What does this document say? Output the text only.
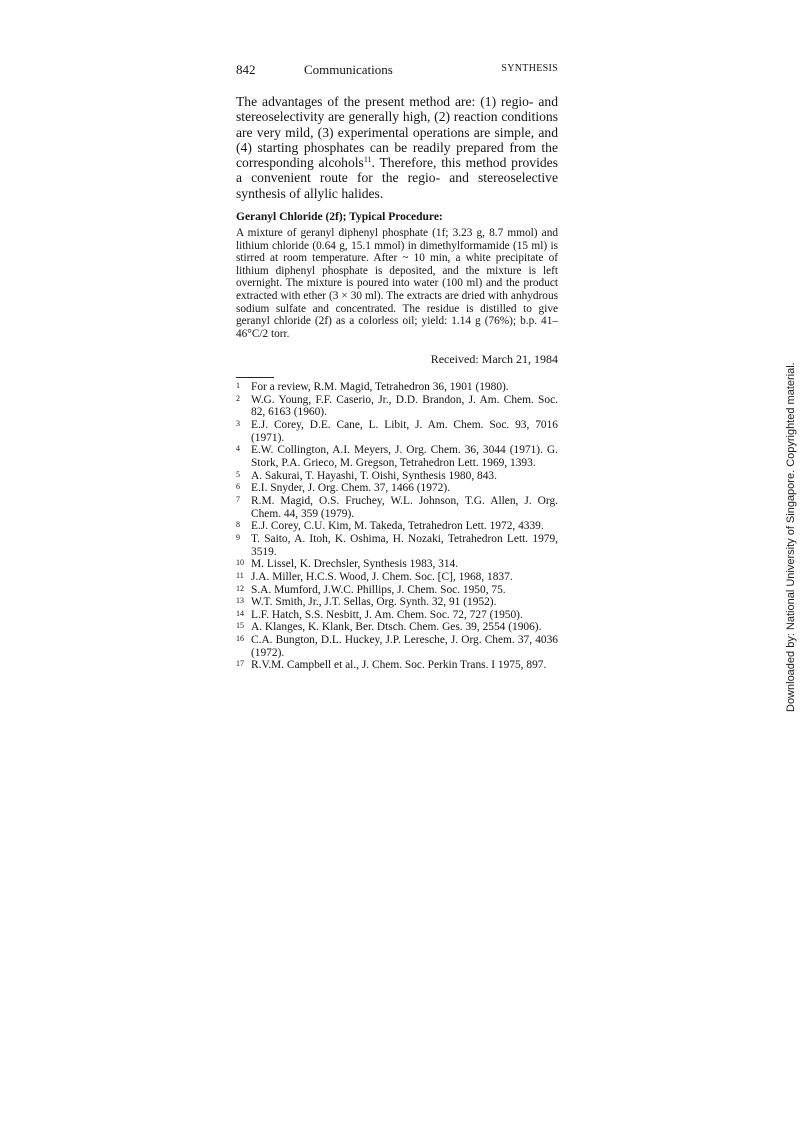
842	Communications	SYNTHESIS
The advantages of the present method are: (1) regio- and stereoselectivity are generally high, (2) reaction conditions are very mild, (3) experimental operations are simple, and (4) starting phosphates can be readily prepared from the corresponding alcohols$^{11}$. Therefore, this method provides a convenient route for the regio- and stereoselective synthesis of allylic halides.
Geranyl Chloride (2f); Typical Procedure:
A mixture of geranyl diphenyl phosphate (1f; 3.23 g, 8.7 mmol) and lithium chloride (0.64 g, 15.1 mmol) in dimethylformamide (15 ml) is stirred at room temperature. After ~ 10 min, a white precipitate of lithium diphenyl phosphate is deposited, and the mixture is left overnight. The mixture is poured into water (100 ml) and the product extracted with ether (3 × 30 ml). The extracts are dried with anhydrous sodium sulfate and concentrated. The residue is distilled to give geranyl chloride (2f) as a colorless oil; yield: 1.14 g (76%); b.p. 41–46°C/2 torr.
Received: March 21, 1984
1 For a review, R.M. Magid, Tetrahedron 36, 1901 (1980).
2 W.G. Young, F.F. Caserio, Jr., D.D. Brandon, J. Am. Chem. Soc. 82, 6163 (1960).
3 E.J. Corey, D.E. Cane, L. Libit, J. Am. Chem. Soc. 93, 7016 (1971).
4 E.W. Collington, A.I. Meyers, J. Org. Chem. 36, 3044 (1971). G. Stork, P.A. Grieco, M. Gregson, Tetrahedron Lett. 1969, 1393.
5 A. Sakurai, T. Hayashi, T. Oishi, Synthesis 1980, 843.
6 E.I. Snyder, J. Org. Chem. 37, 1466 (1972).
7 R.M. Magid, O.S. Fruchey, W.L. Johnson, T.G. Allen, J. Org. Chem. 44, 359 (1979).
8 E.J. Corey, C.U. Kim, M. Takeda, Tetrahedron Lett. 1972, 4339.
9 T. Saito, A. Itoh, K. Oshima, H. Nozaki, Tetrahedron Lett. 1979, 3519.
10 M. Lissel, K. Drechsler, Synthesis 1983, 314.
11 J.A. Miller, H.C.S. Wood, J. Chem. Soc. [C], 1968, 1837.
12 S.A. Mumford, J.W.C. Phillips, J. Chem. Soc. 1950, 75.
13 W.T. Smith, Jr., J.T. Sellas, Org. Synth. 32, 91 (1952).
14 L.F. Hatch, S.S. Nesbitt, J. Am. Chem. Soc. 72, 727 (1950).
15 A. Klanges, K. Klank, Ber. Dtsch. Chem. Ges. 39, 2554 (1906).
16 C.A. Bungton, D.L. Huckey, J.P. Leresche, J. Org. Chem. 37, 4036 (1972).
17 R.V.M. Campbell et al., J. Chem. Soc. Perkin Trans. I 1975, 897.	Downloaded by: National University of Singapore. Copyrighted material.
